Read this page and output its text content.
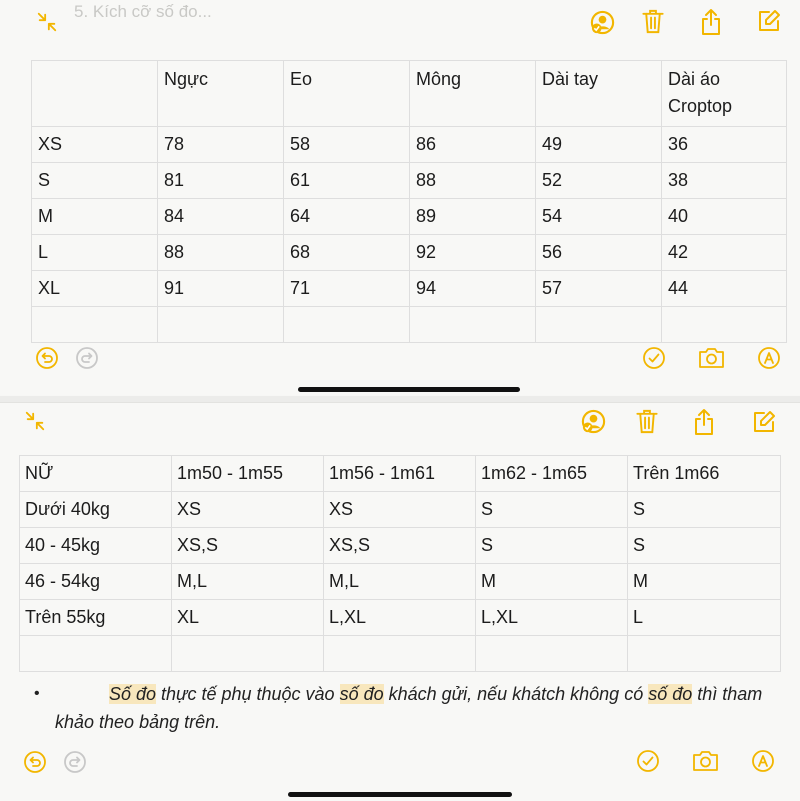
5. Kích cỡ số đo...
	Ngực	Eo	Mông	Dài tay	Dài áo Croptop
XS	78	58	86	49	36
S	81	61	88	52	38
M	84	64	89	54	40
L	88	68	92	56	42
XL	91	71	94	57	44

NỮ	1m50 - 1m55	1m56 - 1m61	1m62 - 1m65	Trên 1m66
Dưới 40kg	XS	XS	S	S
40 - 45kg	XS,S	XS,S	S	S
46 - 54kg	M,L	M,L	M	M
Trên 55kg	XL	L,XL	L,XL	L

•	Số đo thực tế phụ thuộc vào số đo khách gửi, nếu khátch không có số đo thì tham khảo theo bảng trên.
